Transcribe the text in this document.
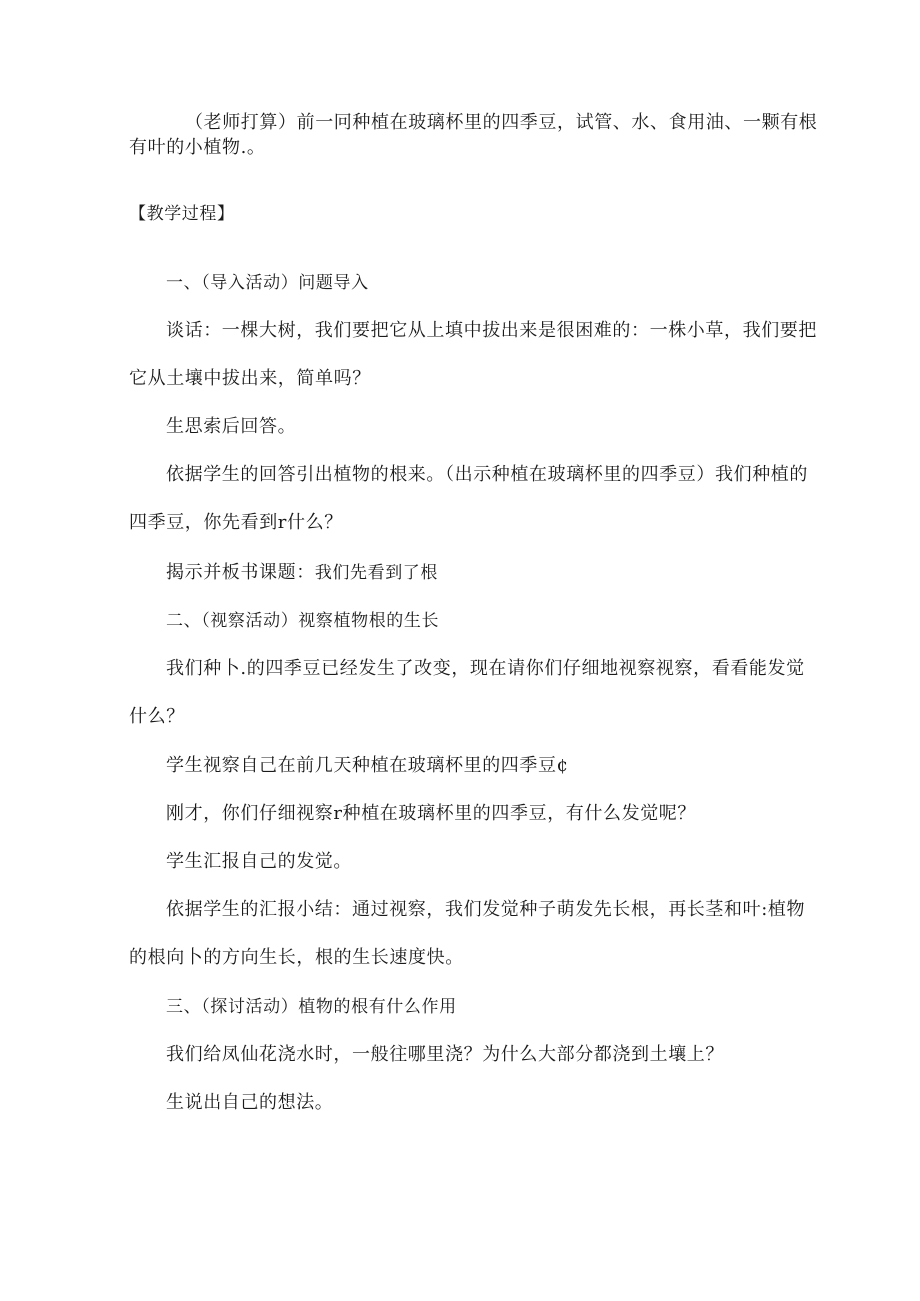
（老师打算）前一冋种植在玻璃杯里的四季豆，试管、水、食用油、一颗有根
有叶的小植物.。
【教学过程】
一、（导入活动）问题导入
谈话：一棵大树，我们要把它从上填中拔出来是很困难的：一株小草，我们要把
它从土壤中拔出来，简单吗？
生思索后回答。
依据学生的回答引出植物的根来。（出示种植在玻璃杯里的四季豆）我们种植的
四季豆，你先看到r什么？
揭示并板书课题：我们先看到了根
二、（视察活动）视察植物根的生长
我们种卜.的四季豆已经发生了改变，现在请你们仔细地视察视察，看看能发觉
什么？
学生视察自己在前几天种植在玻璃杯里的四季豆¢
刚才，你们仔细视察r种植在玻璃杯里的四季豆，有什么发觉呢？
学生汇报自己的发觉。
依据学生的汇报小结：通过视察，我们发觉种子萌发先长根，再长茎和叶:植物
的根向卜的方向生长，根的生长速度快。
三、（探讨活动）植物的根有什么作用
我们给凤仙花浇水时，一般往哪里浇？为什么大部分都浇到土壤上？
生说出自己的想法。
